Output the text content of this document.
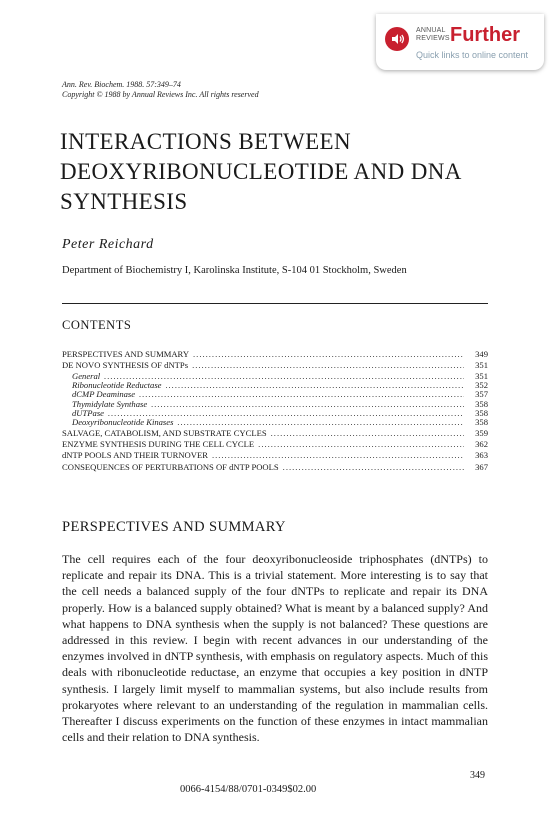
ANNUAL
REVIEWS Further
Quick links to online content
Ann. Rev. Biochem. 1988. 57:349–74
Copyright © 1988 by Annual Reviews Inc. All rights reserved
INTERACTIONS BETWEEN
DEOXYRIBONUCLEOTIDE AND DNA
SYNTHESIS
Peter Reichard
Department of Biochemistry I, Karolinska Institute, S-104 01 Stockholm, Sweden
CONTENTS
PERSPECTIVES AND SUMMARY .....	349
DE NOVO SYNTHESIS OF dNTPs .....	351
General .....	351
Ribonucleotide Reductase .....	352
dCMP Deaminase .....	357
Thymidylate Synthase .....	358
dUTPase .....	358
Deoxyribonucleotide Kinases .....	358
SALVAGE, CATABOLISM, AND SUBSTRATE CYCLES .....	359
ENZYME SYNTHESIS DURING THE CELL CYCLE .....	362
dNTP POOLS AND THEIR TURNOVER .....	363
CONSEQUENCES OF PERTURBATIONS OF dNTP POOLS .....	367
PERSPECTIVES AND SUMMARY
The cell requires each of the four deoxyribonucleoside triphosphates (dNTPs) to replicate and repair its DNA. This is a trivial statement. More interesting is to say that the cell needs a balanced supply of the four dNTPs to replicate and repair its DNA properly. How is a balanced supply obtained? What is meant by a balanced supply? And what happens to DNA synthesis when the supply is not balanced? These questions are addressed in this review. I begin with recent advances in our understanding of the enzymes involved in dNTP synthesis, with emphasis on regulatory aspects. Much of this deals with ribonucleotide reductase, an enzyme that occupies a key position in dNTP synthesis. I largely limit myself to mammalian systems, but also include results from prokaryotes where relevant to an understanding of the regulation in mammalian cells. Thereafter I discuss experiments on the function of these enzymes in intact mammalian cells and their relation to DNA synthesis.
349
0066-4154/88/0701-0349$02.00
